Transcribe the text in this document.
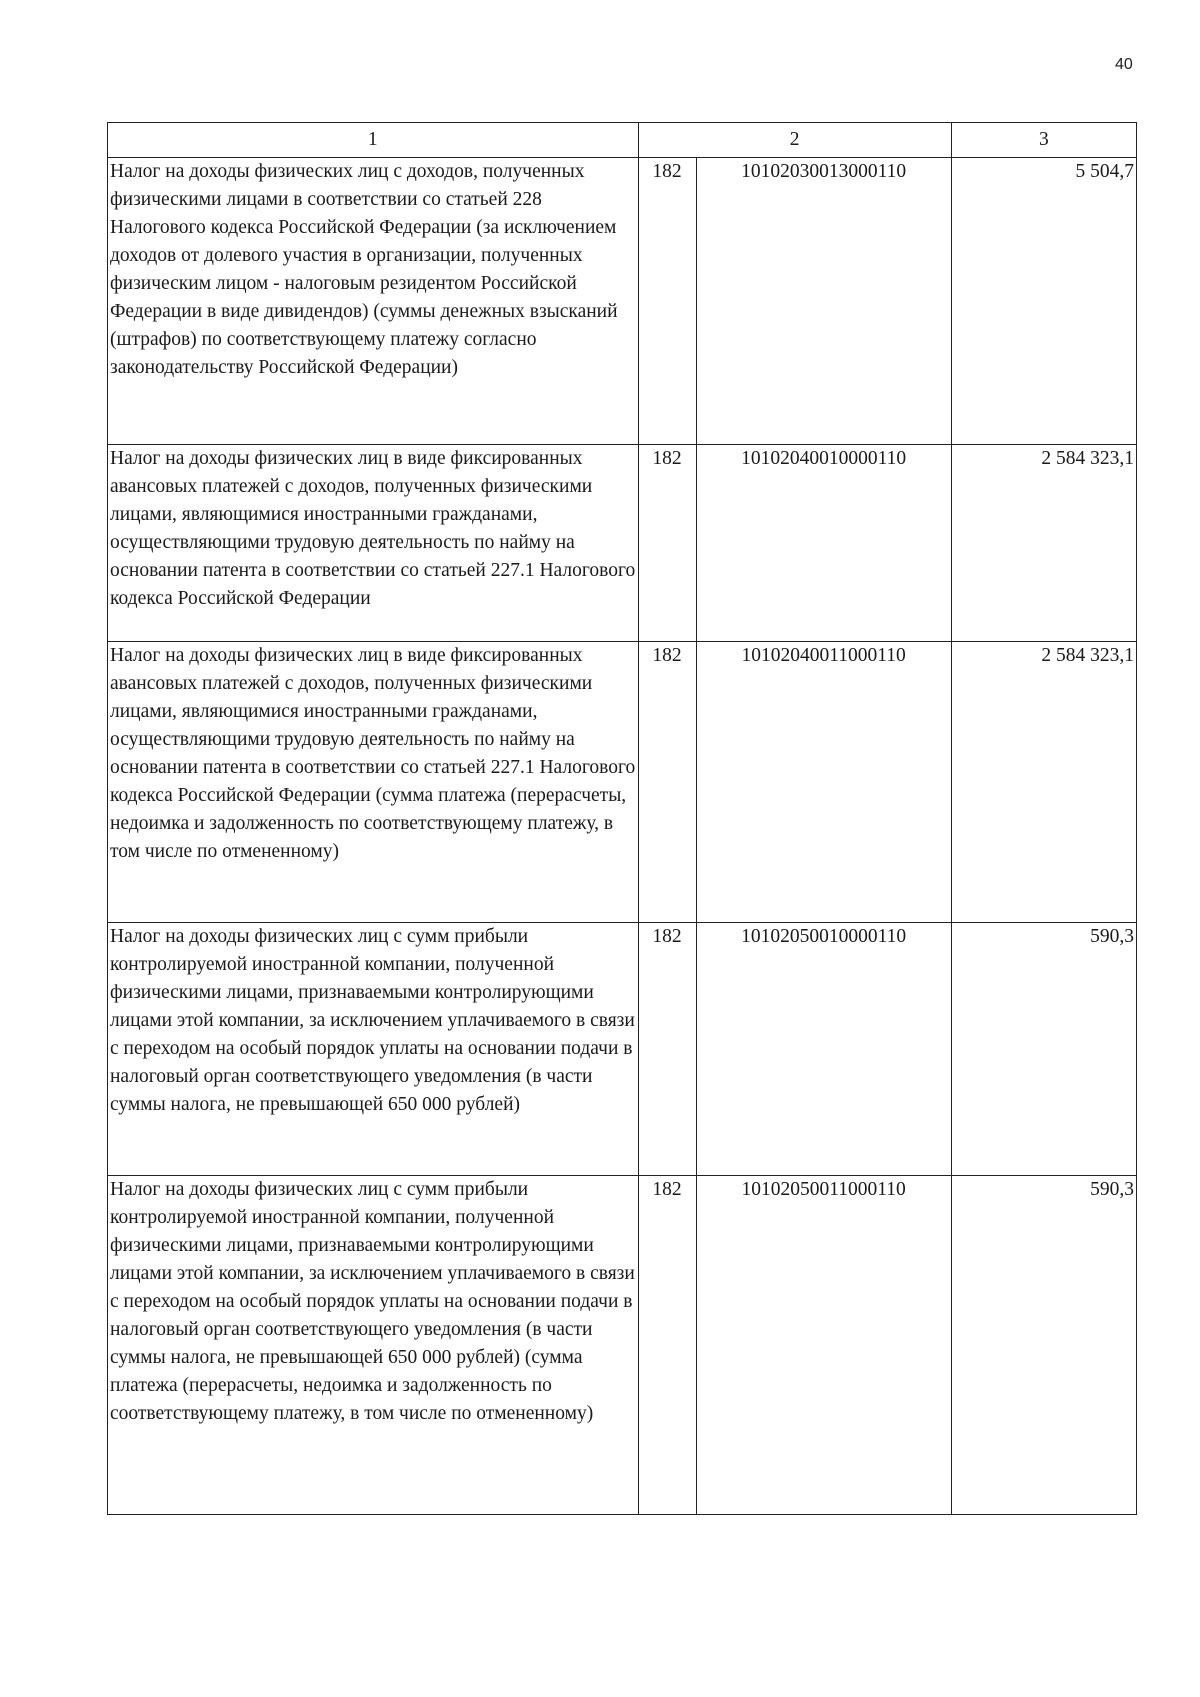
40
1	2		3
Налог на доходы физических лиц с доходов, полученных физическими лицами в соответствии со статьей 228 Налогового кодекса Российской Федерации (за исключением доходов от долевого участия в организации, полученных физическим лицом - налоговым резидентом Российской Федерации в виде дивидендов) (суммы денежных взысканий (штрафов) по соответствующему платежу согласно законодательству Российской Федерации)	182	10102030013000110	5 504,7
Налог на доходы физических лиц в виде фиксированных авансовых платежей с доходов, полученных физическими лицами, являющимися иностранными гражданами, осуществляющими трудовую деятельность по найму на основании патента в соответствии со статьей 227.1 Налогового кодекса Российской Федерации	182	10102040010000110	2 584 323,1
Налог на доходы физических лиц в виде фиксированных авансовых платежей с доходов, полученных физическими лицами, являющимися иностранными гражданами, осуществляющими трудовую деятельность по найму на основании патента в соответствии со статьей 227.1 Налогового кодекса Российской Федерации (сумма платежа (перерасчеты, недоимка и задолженность по соответствующему платежу, в том числе по отмененному)	182	10102040011000110	2 584 323,1
Налог на доходы физических лиц с сумм прибыли контролируемой иностранной компании, полученной физическими лицами, признаваемыми контролирующими лицами этой компании, за исключением уплачиваемого в связи с переходом на особый порядок уплаты на основании подачи в налоговый орган соответствующего уведомления (в части суммы налога, не превышающей 650 000 рублей)	182	10102050010000110	590,3
Налог на доходы физических лиц с сумм прибыли контролируемой иностранной компании, полученной физическими лицами, признаваемыми контролирующими лицами этой компании, за исключением уплачиваемого в связи с переходом на особый порядок уплаты на основании подачи в налоговый орган соответствующего уведомления (в части суммы налога, не превышающей 650 000 рублей) (сумма платежа (перерасчеты, недоимка и задолженность по соответствующему платежу, в том числе по отмененному)	182	10102050011000110	590,3
